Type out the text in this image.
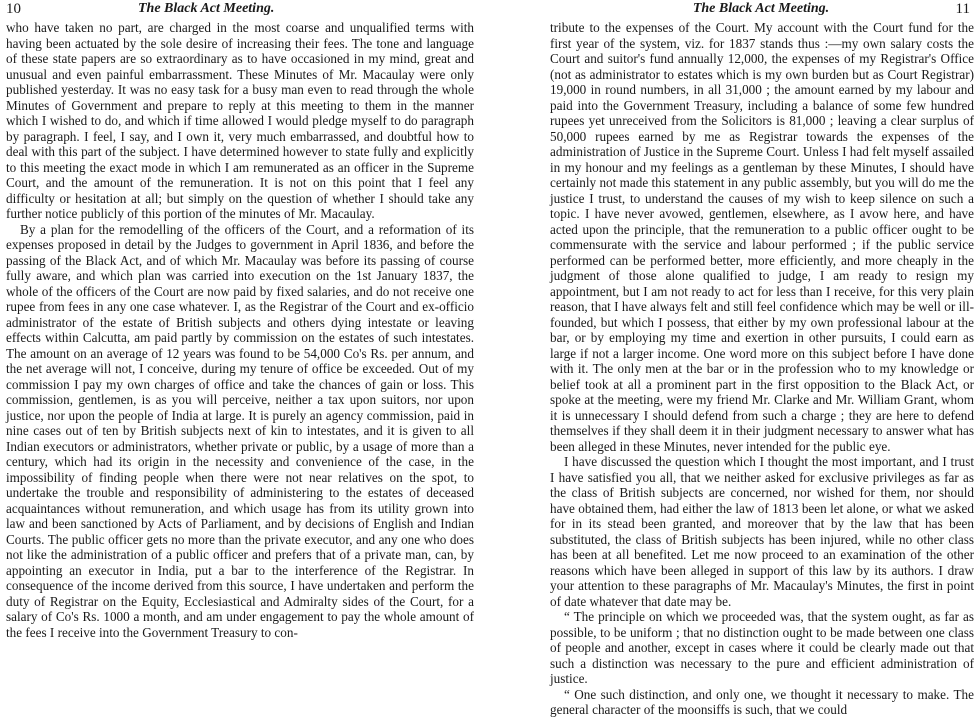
10	The Black Act Meeting.

who have taken no part, are charged in the most coarse and unqualified terms with having been actuated by the sole desire of increasing their fees. The tone and language of these state papers are so extraordinary as to have occasioned in my mind, great and unusual and even painful embarrassment. These Minutes of Mr. Macaulay were only published yesterday. It was no easy task for a busy man even to read through the whole Minutes of Government and prepare to reply at this meeting to them in the manner which I wished to do, and which if time allowed I would pledge myself to do paragraph by paragraph. I feel, I say, and I own it, very much embarrassed, and doubtful how to deal with this part of the subject. I have determined however to state fully and explicitly to this meeting the exact mode in which I am remunerated as an officer in the Supreme Court, and the amount of the remuneration. It is not on this point that I feel any difficulty or hesitation at all; but simply on the question of whether I should take any further notice publicly of this portion of the minutes of Mr. Macaulay.

By a plan for the remodelling of the officers of the Court, and a reformation of its expenses proposed in detail by the Judges to government in April 1836, and before the passing of the Black Act, and of which Mr. Macaulay was before its passing of course fully aware, and which plan was carried into execution on the 1st January 1837, the whole of the officers of the Court are now paid by fixed salaries, and do not receive one rupee from fees in any one case whatever. I, as the Registrar of the Court and ex-officio administrator of the estate of British subjects and others dying intestate or leaving effects within Calcutta, am paid partly by commission on the estates of such intestates. The amount on an average of 12 years was found to be 54,000 Co's Rs. per annum, and the net average will not, I conceive, during my tenure of office be exceeded. Out of my commission I pay my own charges of office and take the chances of gain or loss. This commission, gentlemen, is as you will perceive, neither a tax upon suitors, nor upon justice, nor upon the people of India at large. It is purely an agency commission, paid in nine cases out of ten by British subjects next of kin to intestates, and it is given to all Indian executors or administrators, whether private or public, by a usage of more than a century, which had its origin in the necessity and convenience of the case, in the impossibility of finding people when there were not near relatives on the spot, to undertake the trouble and responsibility of administering to the estates of deceased acquaintances without remuneration, and which usage has from its utility grown into law and been sanctioned by Acts of Parliament, and by decisions of English and Indian Courts. The public officer gets no more than the private executor, and any one who does not like the administration of a public officer and prefers that of a private man, can, by appointing an executor in India, put a bar to the interference of the Registrar. In consequence of the income derived from this source, I have undertaken and perform the duty of Registrar on the Equity, Ecclesiastical and Admiralty sides of the Court, for a salary of Co's Rs. 1000 a month, and am under engagement to pay the whole amount of the fees I receive into the Government Treasury to con-

The Black Act Meeting.	11

tribute to the expenses of the Court. My account with the Court fund for the first year of the system, viz. for 1837 stands thus :—my own salary costs the Court and suitor's fund annually 12,000, the expenses of my Registrar's Office (not as administrator to estates which is my own burden but as Court Registrar) 19,000 in round numbers, in all 31,000 ; the amount earned by my labour and paid into the Government Treasury, including a balance of some few hundred rupees yet unreceived from the Solicitors is 81,000 ; leaving a clear surplus of 50,000 rupees earned by me as Registrar towards the expenses of the administration of Justice in the Supreme Court. Unless I had felt myself assailed in my honour and my feelings as a gentleman by these Minutes, I should have certainly not made this statement in any public assembly, but you will do me the justice I trust, to understand the causes of my wish to keep silence on such a topic. I have never avowed, gentlemen, elsewhere, as I avow here, and have acted upon the principle, that the remuneration to a public officer ought to be commensurate with the service and labour performed ; if the public service performed can be performed better, more efficiently, and more cheaply in the judgment of those alone qualified to judge, I am ready to resign my appointment, but I am not ready to act for less than I receive, for this very plain reason, that I have always felt and still feel confidence which may be well or ill-founded, but which I possess, that either by my own professional labour at the bar, or by employing my time and exertion in other pursuits, I could earn as large if not a larger income. One word more on this subject before I have done with it. The only men at the bar or in the profession who to my knowledge or belief took at all a prominent part in the first opposition to the Black Act, or spoke at the meeting, were my friend Mr. Clarke and Mr. William Grant, whom it is unnecessary I should defend from such a charge ; they are here to defend themselves if they shall deem it in their judgment necessary to answer what has been alleged in these Minutes, never intended for the public eye.

I have discussed the question which I thought the most important, and I trust I have satisfied you all, that we neither asked for exclusive privileges as far as the class of British subjects are concerned, nor wished for them, nor should have obtained them, had either the law of 1813 been let alone, or what we asked for in its stead been granted, and moreover that by the law that has been substituted, the class of British subjects has been injured, while no other class has been at all benefited. Let me now proceed to an examination of the other reasons which have been alleged in support of this law by its authors. I draw your attention to these paragraphs of Mr. Macaulay's Minutes, the first in point of date whatever that date may be.

“ The principle on which we proceeded was, that the system ought, as far as possible, to be uniform ; that no distinction ought to be made between one class of people and another, except in cases where it could be clearly made out that such a distinction was necessary to the pure and efficient administration of justice.

“ One such distinction, and only one, we thought it necessary to make. The general character of the moonsiffs is such, that we could
